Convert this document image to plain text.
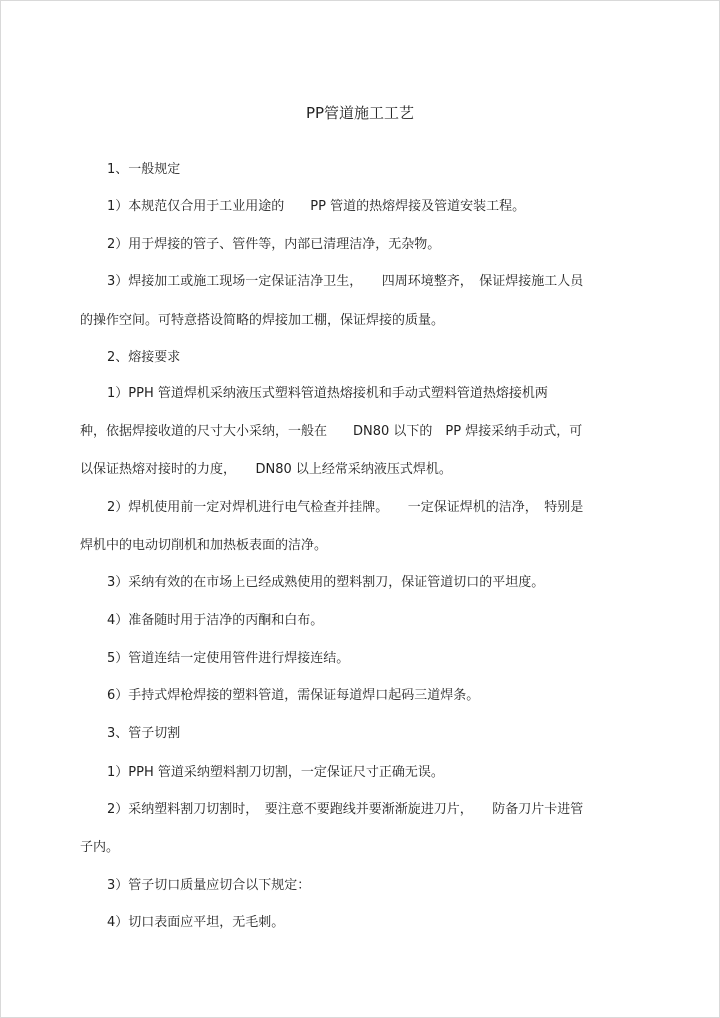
PP管道施工工艺
1、一般规定
1）本规范仅合用于工业用途的　　PP 管道的热熔焊接及管道安装工程。
2）用于焊接的管子、管件等，内部已清理洁净，无杂物。
3）焊接加工或施工现场一定保证洁净卫生，　　四周环境整齐，　保证焊接施工人员
的操作空间。可特意搭设简略的焊接加工棚，保证焊接的质量。
2、熔接要求
1）PPH 管道焊机采纳液压式塑料管道热熔接机和手动式塑料管道热熔接机两
种，依据焊接收道的尺寸大小采纳，一般在　　DN80 以下的　PP 焊接采纳手动式，可
以保证热熔对接时的力度，　　DN80 以上经常采纳液压式焊机。
2）焊机使用前一定对焊机进行电气检查并挂牌。　　一定保证焊机的洁净，　特别是
焊机中的电动切削机和加热板表面的洁净。
3）采纳有效的在市场上已经成熟使用的塑料割刀，保证管道切口的平坦度。
4）准备随时用于洁净的丙酮和白布。
5）管道连结一定使用管件进行焊接连结。
6）手持式焊枪焊接的塑料管道，需保证每道焊口起码三道焊条。
3、管子切割
1）PPH 管道采纳塑料割刀切割，一定保证尺寸正确无误。
2）采纳塑料割刀切割时，　要注意不要跑线并要渐渐旋进刀片，　　防备刀片卡进管
子内。
3）管子切口质量应切合以下规定：
4）切口表面应平坦，无毛刺。
